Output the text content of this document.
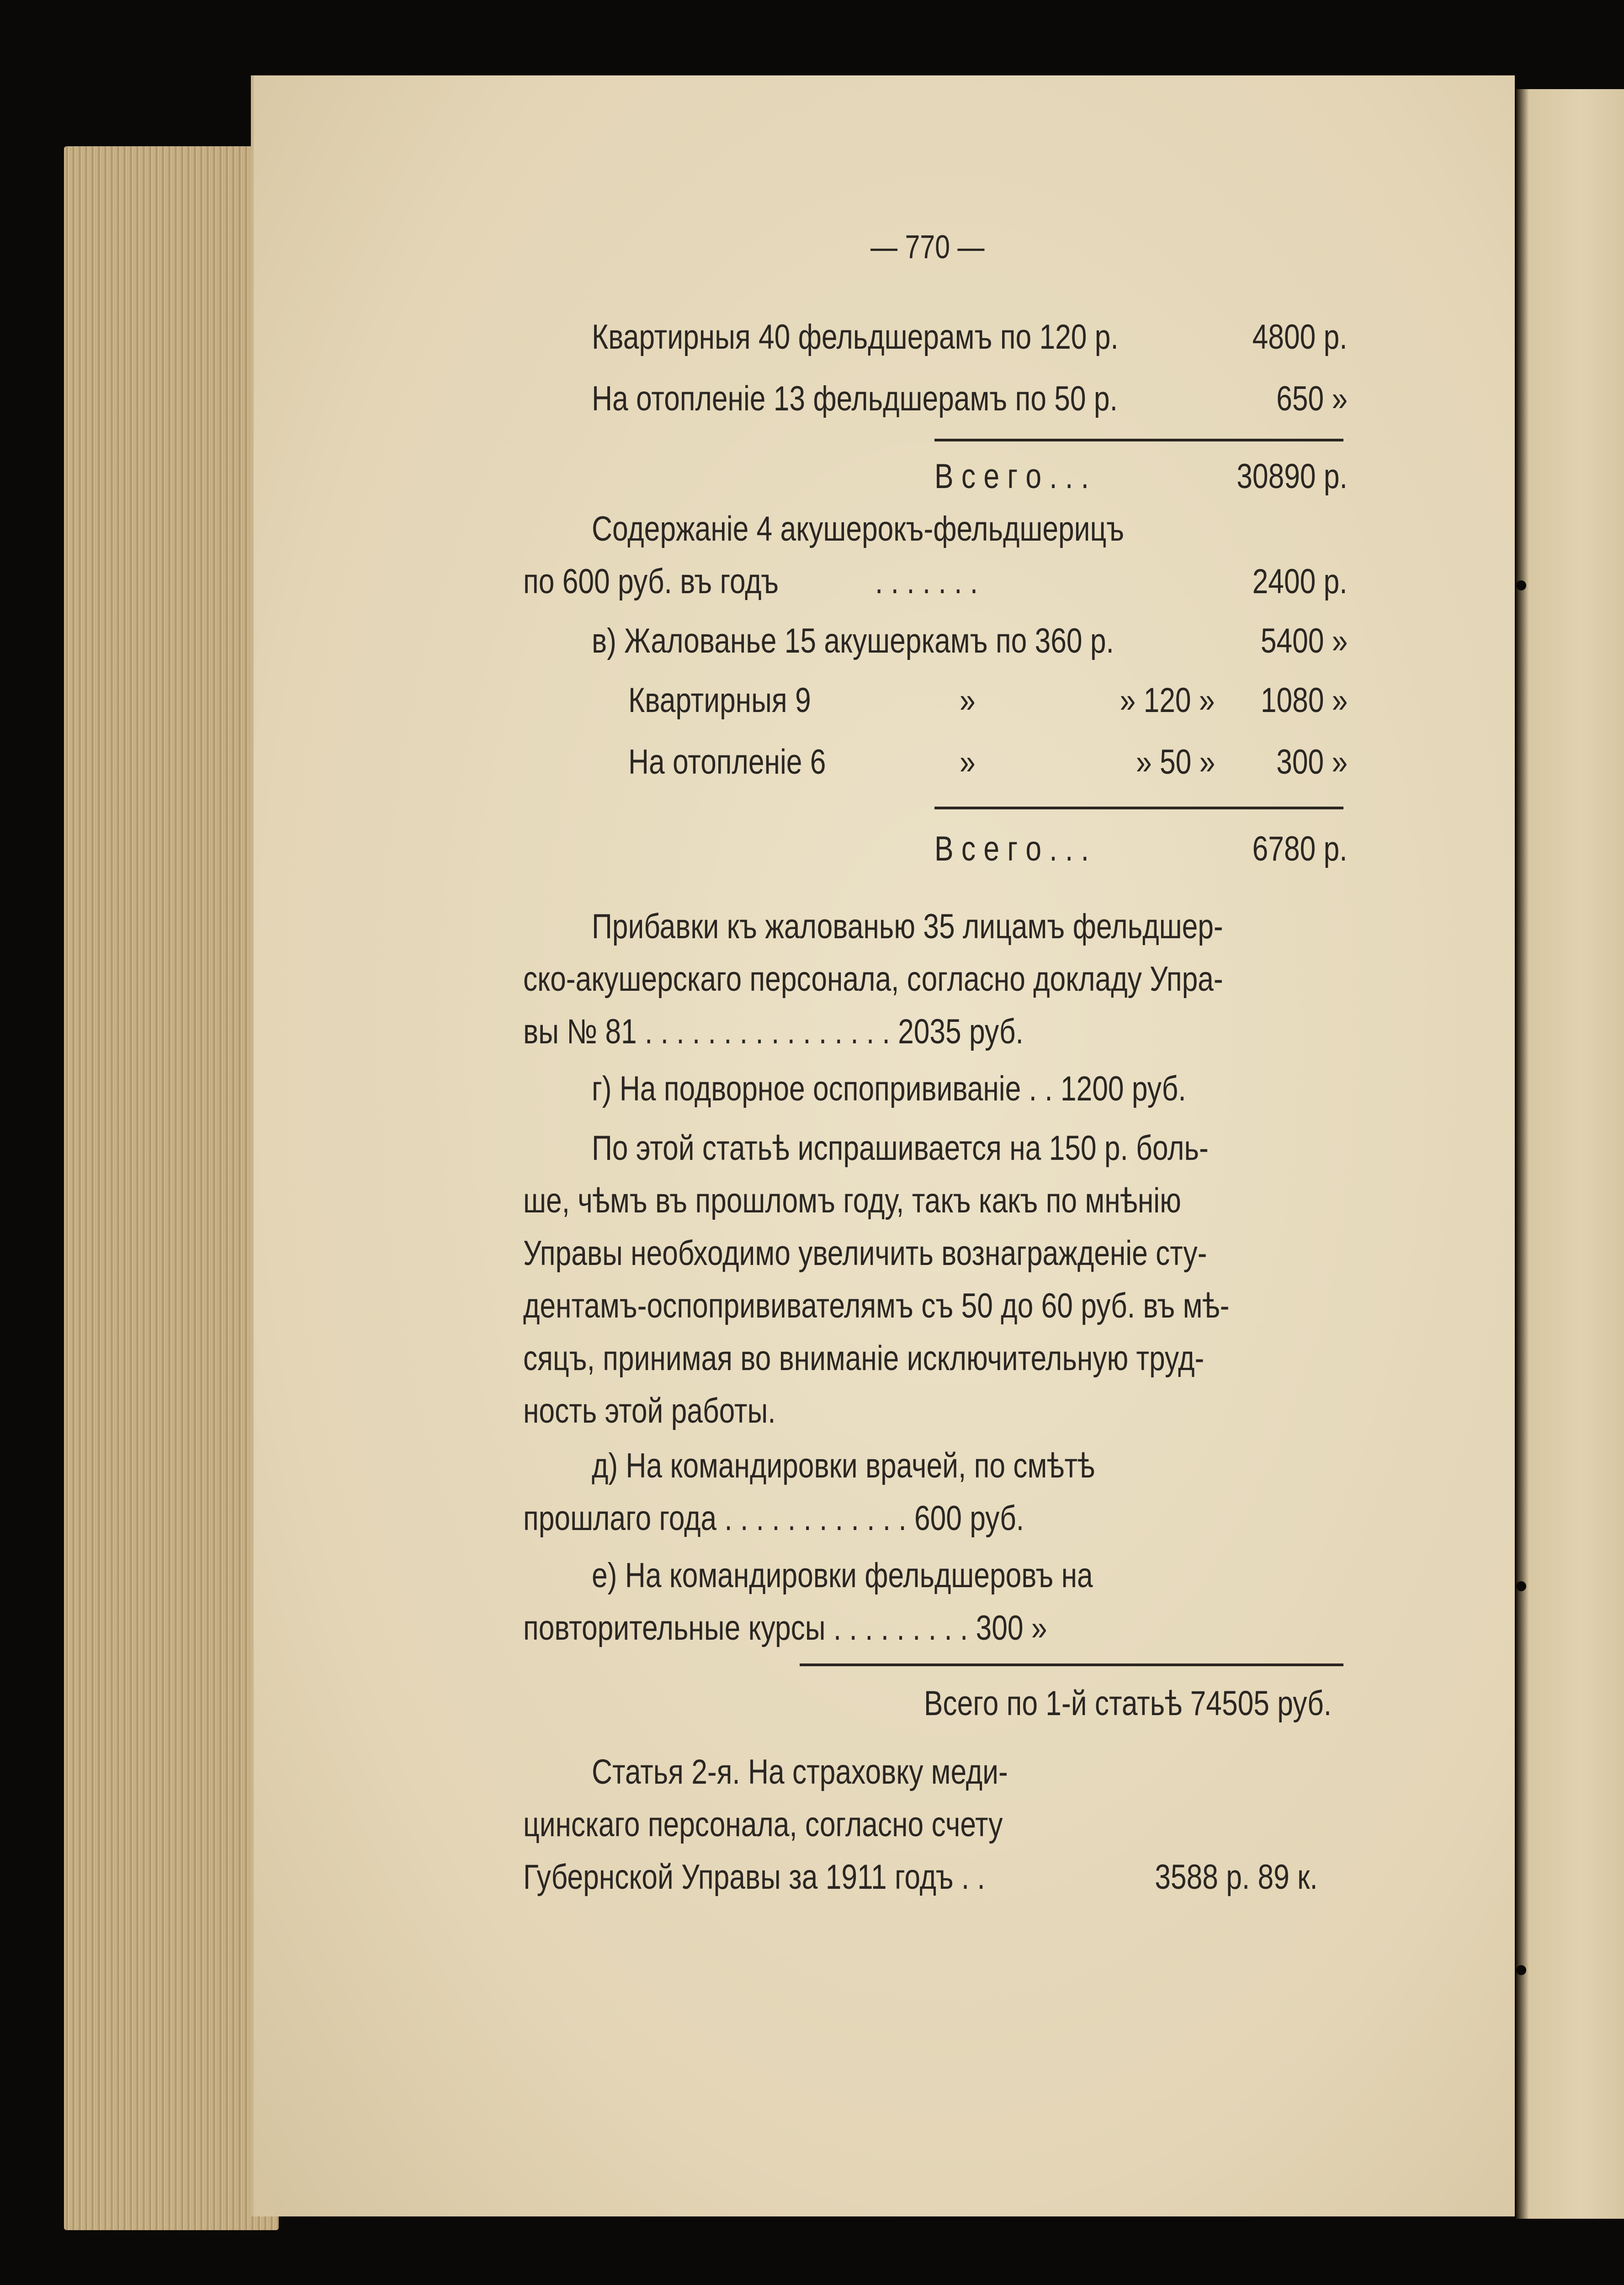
— 770 —
Квартирныя 40 фельдшерамъ по 120 р.	4800 р.
На отопленіе 13 фельдшерамъ по 50 р.	650 »
В с е г о . . .	30890 р.
Содержаніе 4 акушерокъ-фельдшерицъ
по 600 руб. въ годъ	. . . . . . .	2400 р.
в) Жалованье 15 акушеркамъ по 360 р.	5400 »
Квартирныя 9	»	» 120 » 1080 »
На отопленіе 6	»	» 50 » 300 »
В с е г о . . .	6780 р.
Прибавки къ жалованью 35 лицамъ фельдшер-
ско-акушерскаго персонала, согласно докладу Упра-
вы № 81 . . . . . . . . . . . . . . . . 2035 руб.
г) На подворное оспопрививаніе . . 1200 руб.
По этой статьѣ испрашивается на 150 р. боль-
ше, чѣмъ въ прошломъ году, такъ какъ по мнѣнію
Управы необходимо увеличить вознагражденіе сту-
дентамъ-оспопрививателямъ съ 50 до 60 руб. въ мѣ-
сяцъ, принимая во вниманіе исключительную труд-
ность этой работы.
д) На командировки врачей, по смѣтѣ
прошлаго года . . . . . . . . . . . . 600 руб.
е) На командировки фельдшеровъ на
повторительные курсы . . . . . . . . . 300 »
Всего по 1-й статьѣ 74505 руб.
Статья 2-я. На страховку меди-
цинскаго персонала, согласно счету
Губернской Управы за 1911 годъ . .	3588 р. 89 к.
